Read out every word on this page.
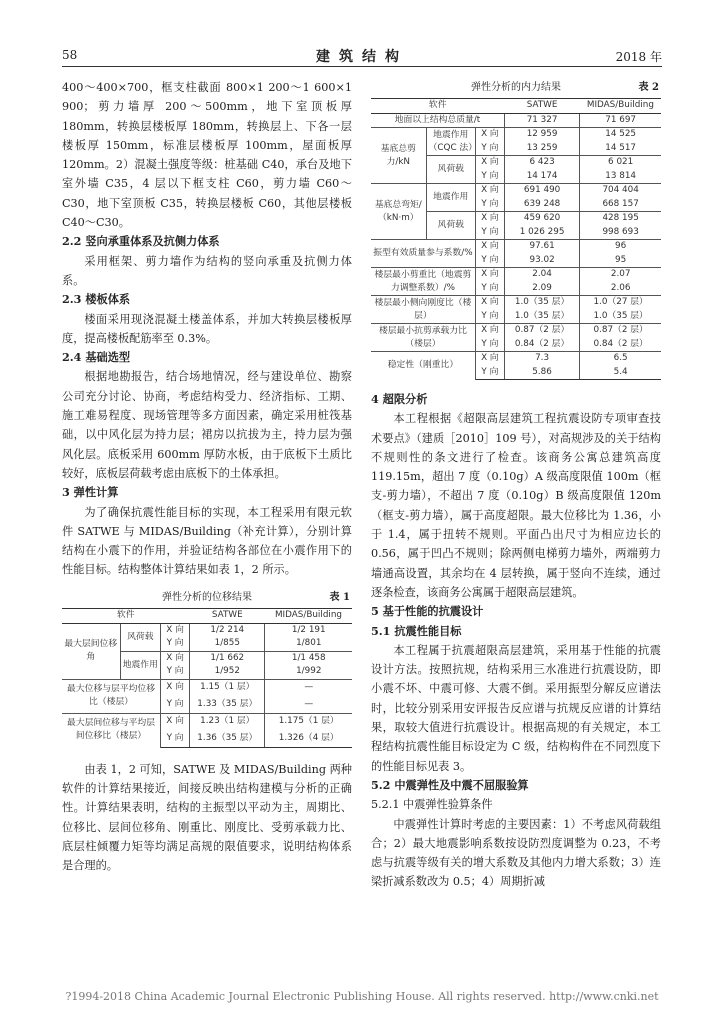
58	建筑结构	2018 年

400～400×700，框支柱截面 800×1 200～1 600×1 900；剪力墙厚 200～500mm，地下室顶板厚 180mm，转换层楼板厚 180mm，转换层上、下各一层楼板厚 150mm，标准层楼板厚 100mm，屋面板厚 120mm。2）混凝土强度等级：桩基础 C40，承台及地下室外墙 C35，4 层以下框支柱 C60，剪力墙 C60～C30，地下室顶板 C35，转换层楼板 C60，其他层楼板 C40～C30。

2.2 竖向承重体系及抗侧力体系

采用框架、剪力墙作为结构的竖向承重及抗侧力体系。

2.3 楼板体系

楼面采用现浇混凝土楼盖体系，并加大转换层楼板厚度，提高楼板配筋率至 0.3%。

2.4 基础选型

根据地勘报告，结合场地情况，经与建设单位、勘察公司充分讨论、协商，考虑结构受力、经济指标、工期、施工难易程度、现场管理等多方面因素，确定采用桩筏基础，以中风化层为持力层；裙房以抗拔为主，持力层为强风化层。底板采用 600mm 厚防水板，由于底板下土质比较好，底板层荷载考虑由底板下的土体承担。

3 弹性计算

为了确保抗震性能目标的实现，本工程采用有限元软件 SATWE 与 MIDAS/Building（补充计算），分别计算结构在小震下的作用，并验证结构各部位在小震作用下的性能目标。结构整体计算结果如表 1，2 所示。

弹性分析的位移结果	表 1
软件			SATWE	MIDAS/Building
最大层间位移角	风荷载	X 向	1/2 214	1/2 191
		Y 向	1/855	1/801
	地震作用	X 向	1/1 662	1/1 458
		Y 向	1/952	1/992
最大位移与层平均位移比（楼层）		X 向	1.15（1 层）	—
		Y 向	1.33（35 层）	—
最大层间位移与平均层间位移比（楼层）		X 向	1.23（1 层）	1.175（1 层）
		Y 向	1.36（35 层）	1.326（4 层）

由表 1，2 可知，SATWE 及 MIDAS/Building 两种软件的计算结果接近，间接反映出结构建模与分析的正确性。计算结果表明，结构的主振型以平动为主，周期比、位移比、层间位移角、刚重比、刚度比、受剪承载力比、底层柱倾覆力矩等均满足高规的限值要求，说明结构体系是合理的。

弹性分析的内力结果	表 2
软件			SATWE	MIDAS/Building
地面以上结构总质量/t			71 327	71 697
基底总剪力/kN	地震作用（CQC 法）	X 向	12 959	14 525
		Y 向	13 259	14 517
	风荷载	X 向	6 423	6 021
		Y 向	14 174	13 814
基底总弯矩/（kN·m）	地震作用	X 向	691 490	704 404
		Y 向	639 248	668 157
	风荷载	X 向	459 620	428 195
		Y 向	1 026 295	998 693
振型有效质量参与系数/%		X 向	97.61	96
		Y 向	93.02	95
楼层最小剪重比（地震剪力调整系数）/%		X 向	2.04	2.07
		Y 向	2.09	2.06
楼层最小侧向刚度比（楼层）		X 向	1.0（35 层）	1.0（27 层）
		Y 向	1.0（35 层）	1.0（35 层）
楼层最小抗剪承载力比（楼层）		X 向	0.87（2 层）	0.87（2 层）
		Y 向	0.84（2 层）	0.84（2 层）
稳定性（刚重比）		X 向	7.3	6.5
		Y 向	5.86	5.4
4 超限分析

本工程根据《超限高层建筑工程抗震设防专项审查技术要点》（建质［2010］109 号），对高规涉及的关于结构不规则性的条文进行了检查。该商务公寓总建筑高度 119.15m，超出 7 度（0.10g）A 级高度限值 100m（框支-剪力墙），不超出 7 度（0.10g）B 级高度限值 120m（框支-剪力墙），属于高度超限。最大位移比为 1.36，小于 1.4，属于扭转不规则。平面凸出尺寸为相应边长的 0.56，属于凹凸不规则；除两侧电梯剪力墙外，两端剪力墙通高设置，其余均在 4 层转换，属于竖向不连续，通过逐条检查，该商务公寓属于超限高层建筑。

5 基于性能的抗震设计
5.1 抗震性能目标

本工程属于抗震超限高层建筑，采用基于性能的抗震设计方法。按照抗规，结构采用三水准进行抗震设防，即小震不坏、中震可修、大震不倒。采用振型分解反应谱法时，比较分别采用安评报告反应谱与抗规反应谱的计算结果，取较大值进行抗震设计。根据高规的有关规定，本工程结构抗震性能目标设定为 C 级，结构构件在不同烈度下的性能目标见表 3。

5.2 中震弹性及中震不屈服验算
5.2.1 中震弹性验算条件

中震弹性计算时考虑的主要因素：1）不考虑风荷载组合；2）最大地震影响系数按设防烈度调整为 0.23，不考虑与抗震等级有关的增大系数及其他内力增大系数；3）连梁折减系数改为 0.5；4）周期折减

?1994-2018 China Academic Journal Electronic Publishing House. All rights reserved. http://www.cnki.net
